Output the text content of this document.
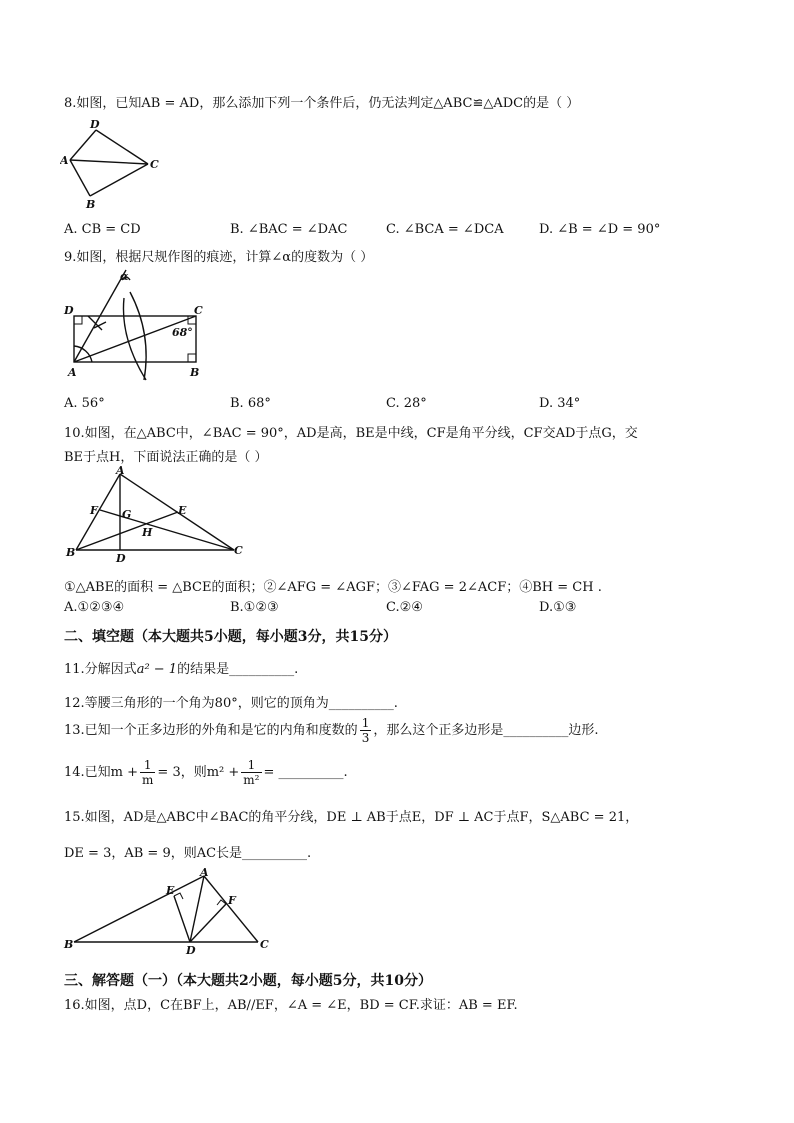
8.如图，已知AB = AD，那么添加下列一个条件后，仍无法判定△ABC≌△ADC的是（ ）
D
A	C
B
A. CB = CD	B. ∠BAC = ∠DAC	C. ∠BCA = ∠DCA	D. ∠B = ∠D = 90°
9.如图，根据尺规作图的痕迹，计算∠α的度数为（ ）
α
D	C
68°
A	B
A. 56°	B. 68°	C. 28°	D. 34°
10.如图，在△ABC中，∠BAC = 90°，AD是高，BE是中线，CF是角平分线，CF交AD于点G，交
BE于点H，下面说法正确的是（ ）
A
F G	E
H
B	D
C
①△ABE的面积 = △BCE的面积；②∠AFG = ∠AGF；③∠FAG = 2∠ACF；④BH = CH .
A.①②③④	B.①②③	C.②④	D.①③
二、填空题（本大题共5小题，每小题3分，共15分）
11.分解因式a² − 1的结果是__________.
12.等腰三角形的一个角为80°，则它的顶角为__________.
13.已知一个正多边形的外角和是它的内角和度数的 $\frac{1}{3}$ ，那么这个正多边形是__________边形.
14.已知$m + \frac{1}{m} = 3$，则$m^2 + \frac{1}{\text{m²}}$ = __________.
15.如图，AD是△ABC中∠BAC的角平分线，DE ⊥ AB于点E，DF ⊥ AC于点F，S△ABC = 21，
DE = 3，AB = 9，则AC长是__________.
E
A
F
B	D	C
三、解答题（一）（本大题共2小题，每小题5分，共10分）
16.如图，点D，C在BF上，AB//EF，∠A = ∠E，BD = CF.求证：AB = EF.
